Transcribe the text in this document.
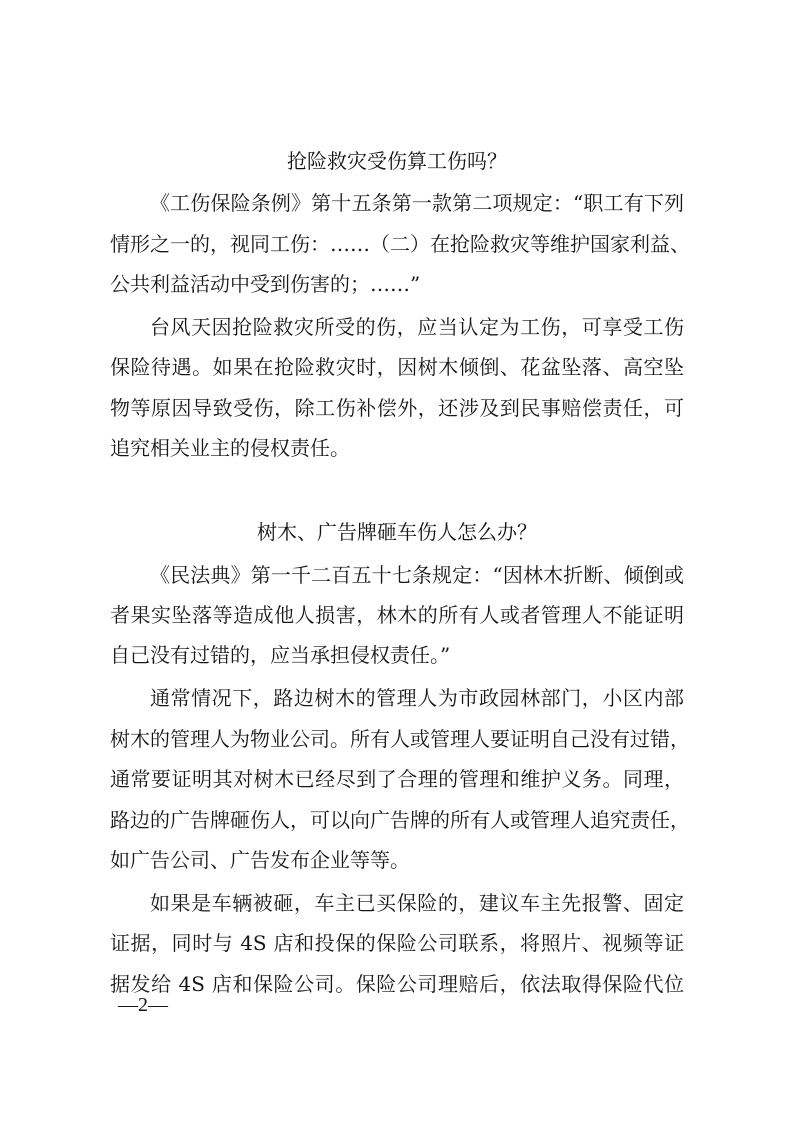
抢险救灾受伤算工伤吗？
《工伤保险条例》第十五条第一款第二项规定：“职工有下列
情形之一的，视同工伤：……（二）在抢险救灾等维护国家利益、
公共利益活动中受到伤害的；……”
台风天因抢险救灾所受的伤，应当认定为工伤，可享受工伤
保险待遇。如果在抢险救灾时，因树木倾倒、花盆坠落、高空坠
物等原因导致受伤，除工伤补偿外，还涉及到民事赔偿责任，可
追究相关业主的侵权责任。
树木、广告牌砸车伤人怎么办？
《民法典》第一千二百五十七条规定：“因林木折断、倾倒或
者果实坠落等造成他人损害，林木的所有人或者管理人不能证明
自己没有过错的，应当承担侵权责任。”
通常情况下，路边树木的管理人为市政园林部门，小区内部
树木的管理人为物业公司。所有人或管理人要证明自己没有过错，
通常要证明其对树木已经尽到了合理的管理和维护义务。同理，
路边的广告牌砸伤人，可以向广告牌的所有人或管理人追究责任，
如广告公司、广告发布企业等等。
如果是车辆被砸，车主已买保险的，建议车主先报警、固定
证据，同时与 4S 店和投保的保险公司联系，将照片、视频等证
据发给 4S 店和保险公司。保险公司理赔后，依法取得保险代位
—2—
